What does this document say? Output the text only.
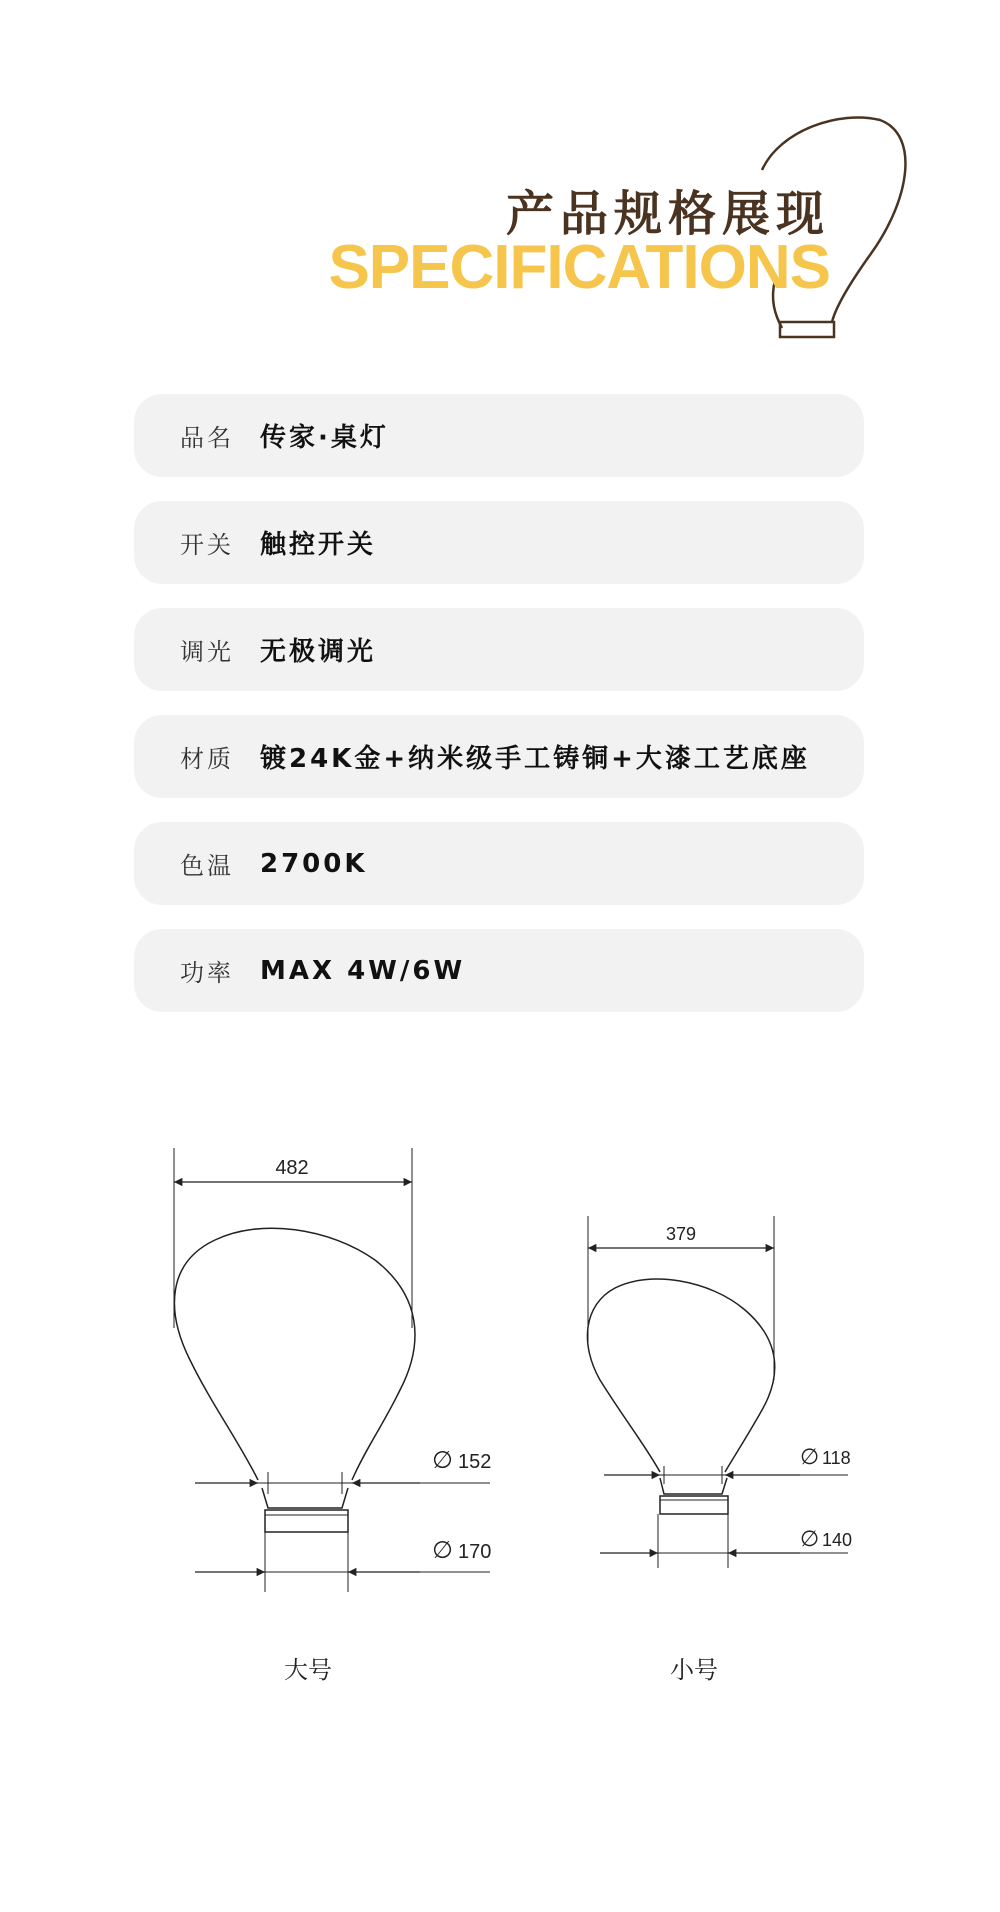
产品规格展现
SPECIFICATIONS
品名	传家·桌灯
开关	触控开关
调光	无极调光
材质	镀24K金+纳米级手工铸铜+大漆工艺底座
色温	2700K
功率	MAX 4W/6W
482
∅ 152
∅ 170
大号
379
∅ 118
∅ 140
小号
